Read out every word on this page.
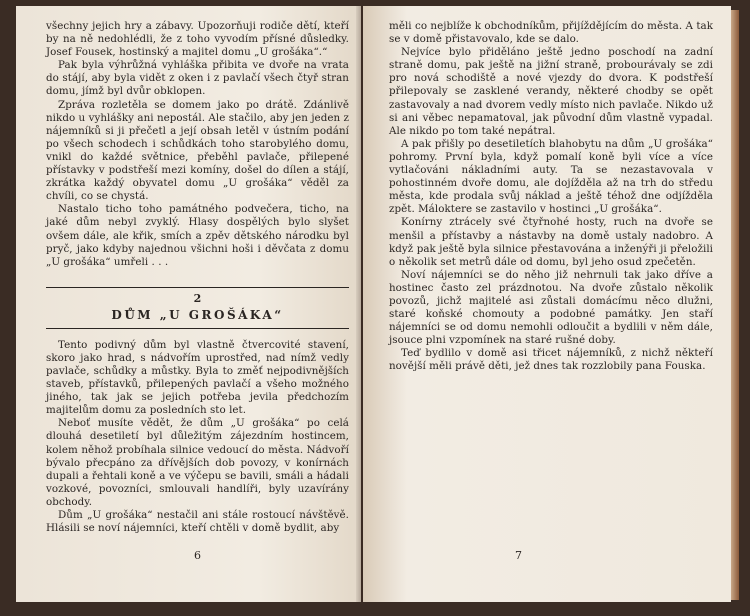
všechny jejich hry a zábavy. Upozorňuji rodiče dětí, kteří by na ně nedohlédli, že z toho vyvodím přísné důsledky. Josef Fousek, hostinský a majitel domu „U grošáka“.“

Pak byla výhrůžná vyhláška přibita ve dvoře na vrata do stájí, aby byla vidět z oken i z pavlačí všech čtyř stran domu, jímž byl dvůr obklopen.

Zpráva rozletěla se domem jako po drátě. Zdánlivě nikdo u vyhlášky ani nepostál. Ale stačilo, aby jen jeden z nájemníků si ji přečetl a její obsah letěl v ústním podání po všech schodech i schůdkách toho starobylého domu, vnikl do každé světnice, přeběhl pavlače, přilepené přístavky v podstřeší mezi komíny, došel do dílen a stájí, zkrátka každý obyvatel domu „U grošáka“ věděl za chvíli, co se chystá.

Nastalo ticho toho památného podvečera, ticho, na jaké dům nebyl zvyklý. Hlasy dospělých bylo slyšet ovšem dále, ale křik, smích a zpěv dětského národku byl pryč, jako kdyby najednou všichni hoši i děvčata z domu „U grošáka“ umřeli . . .

2
DŮM „U GROŠÁKA“

Tento podivný dům byl vlastně čtvercovité stavení, skoro jako hrad, s nádvořím uprostřed, nad nímž vedly pavlače, schůdky a můstky. Byla to změť nejpodivnějších staveb, přístavků, přilepených pavlačí a všeho možného jiného, tak jak se jejich potřeba jevila předchozím majitelům domu za posledních sto let.

Neboť musíte vědět, že dům „U grošáka“ po celá dlouhá desetiletí byl důležitým zájezdním hostincem, kolem něhož probíhala silnice vedoucí do města. Nádvoří bývalo přecpáno za dřívějších dob povozy, v konírnách dupali a řehtali koně a ve výčepu se bavili, smáli a hádali vozkové, povozníci, smlouvali handlíři, byly uzavírány obchody.

Dům „U grošáka“ nestačil ani stále rostoucí návštěvě. Hlásili se noví nájemníci, kteří chtěli v domě bydlit, aby

6

měli co nejblíže k obchodníkům, přijíždějícím do města. A tak se v domě přistavovalo, kde se dalo.

Nejvíce bylo přiděláno ještě jedno poschodí na zadní straně domu, pak ještě na jižní straně, probourávaly se zdi pro nová schodiště a nové vjezdy do dvora. K podstřeší přilepovaly se zasklené verandy, některé chodby se opět zastavovaly a nad dvorem vedly místo nich pavlače. Nikdo už si ani věbec nepamatoval, jak původní dům vlastně vypadal. Ale nikdo po tom také nepátral.

A pak přišly po desetiletích blahobytu na dům „U grošáka“ pohromy. První byla, když pomalí koně byli více a více vytlačováni nákladními auty. Ta se nezastavovala v pohostinném dvoře domu, ale dojížděla až na trh do středu města, kde prodala svůj náklad a ještě téhož dne odjížděla zpět. Máloktere se zastavilo v hostinci „U grošáka“.

Konírny ztrácely své čtyřnohé hosty, ruch na dvoře se menšil a přístavby a nástavby na domě ustaly nadobro. A když pak ještě byla silnice přestavována a inženýři ji přeložili o několik set metrů dále od domu, byl jeho osud zpečetěn.

Noví nájemníci se do něho již nehrnuli tak jako dříve a hostinec často zel prázdnotou. Na dvoře zůstalo několik povozů, jichž majitelé asi zůstali domácímu něco dlužni, staré koňské chomouty a podobné památky. Jen staří nájemníci se od domu nemohli odloučit a bydlili v něm dále, jsouce plni vzpomínek na staré rušné doby.

Teď bydlilo v domě asi třicet nájemníků, z nichž někteří novější měli právě děti, jež dnes tak rozzlobily pana Fouska.

7
